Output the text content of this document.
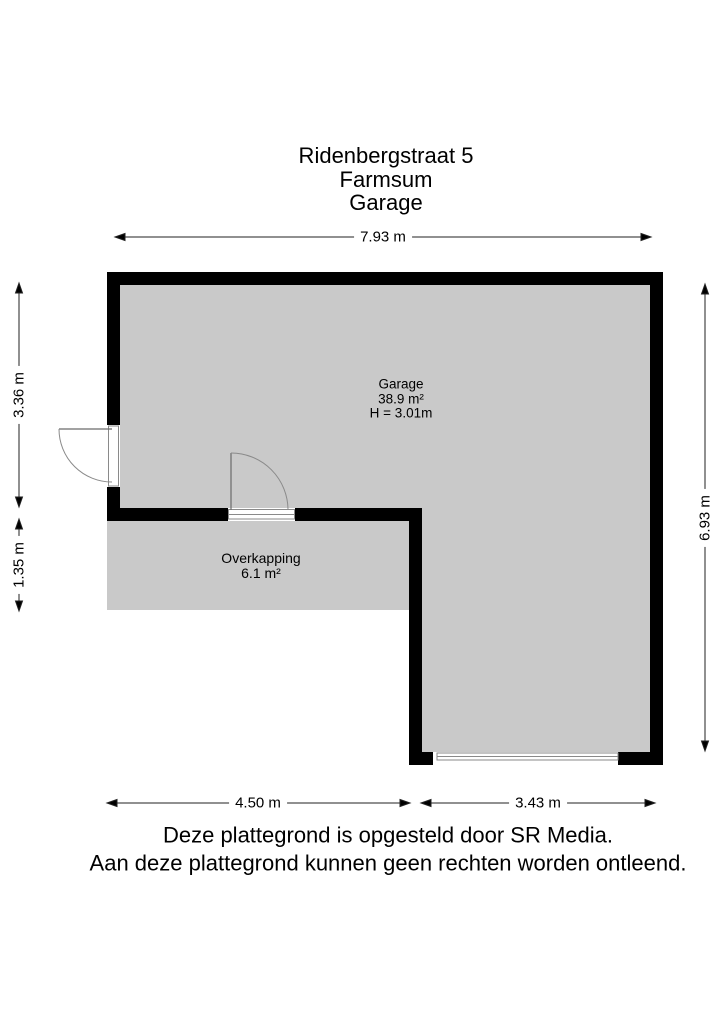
Ridenbergstraat 5
Farmsum
Garage
7.93 m
3.36 m
1.35 m
6.93 m
4.50 m	3.43 m
Garage
38.9 m²
H = 3.01m
Overkapping
6.1 m²
Deze plattegrond is opgesteld door SR Media.
Aan deze plattegrond kunnen geen rechten worden ontleend.
